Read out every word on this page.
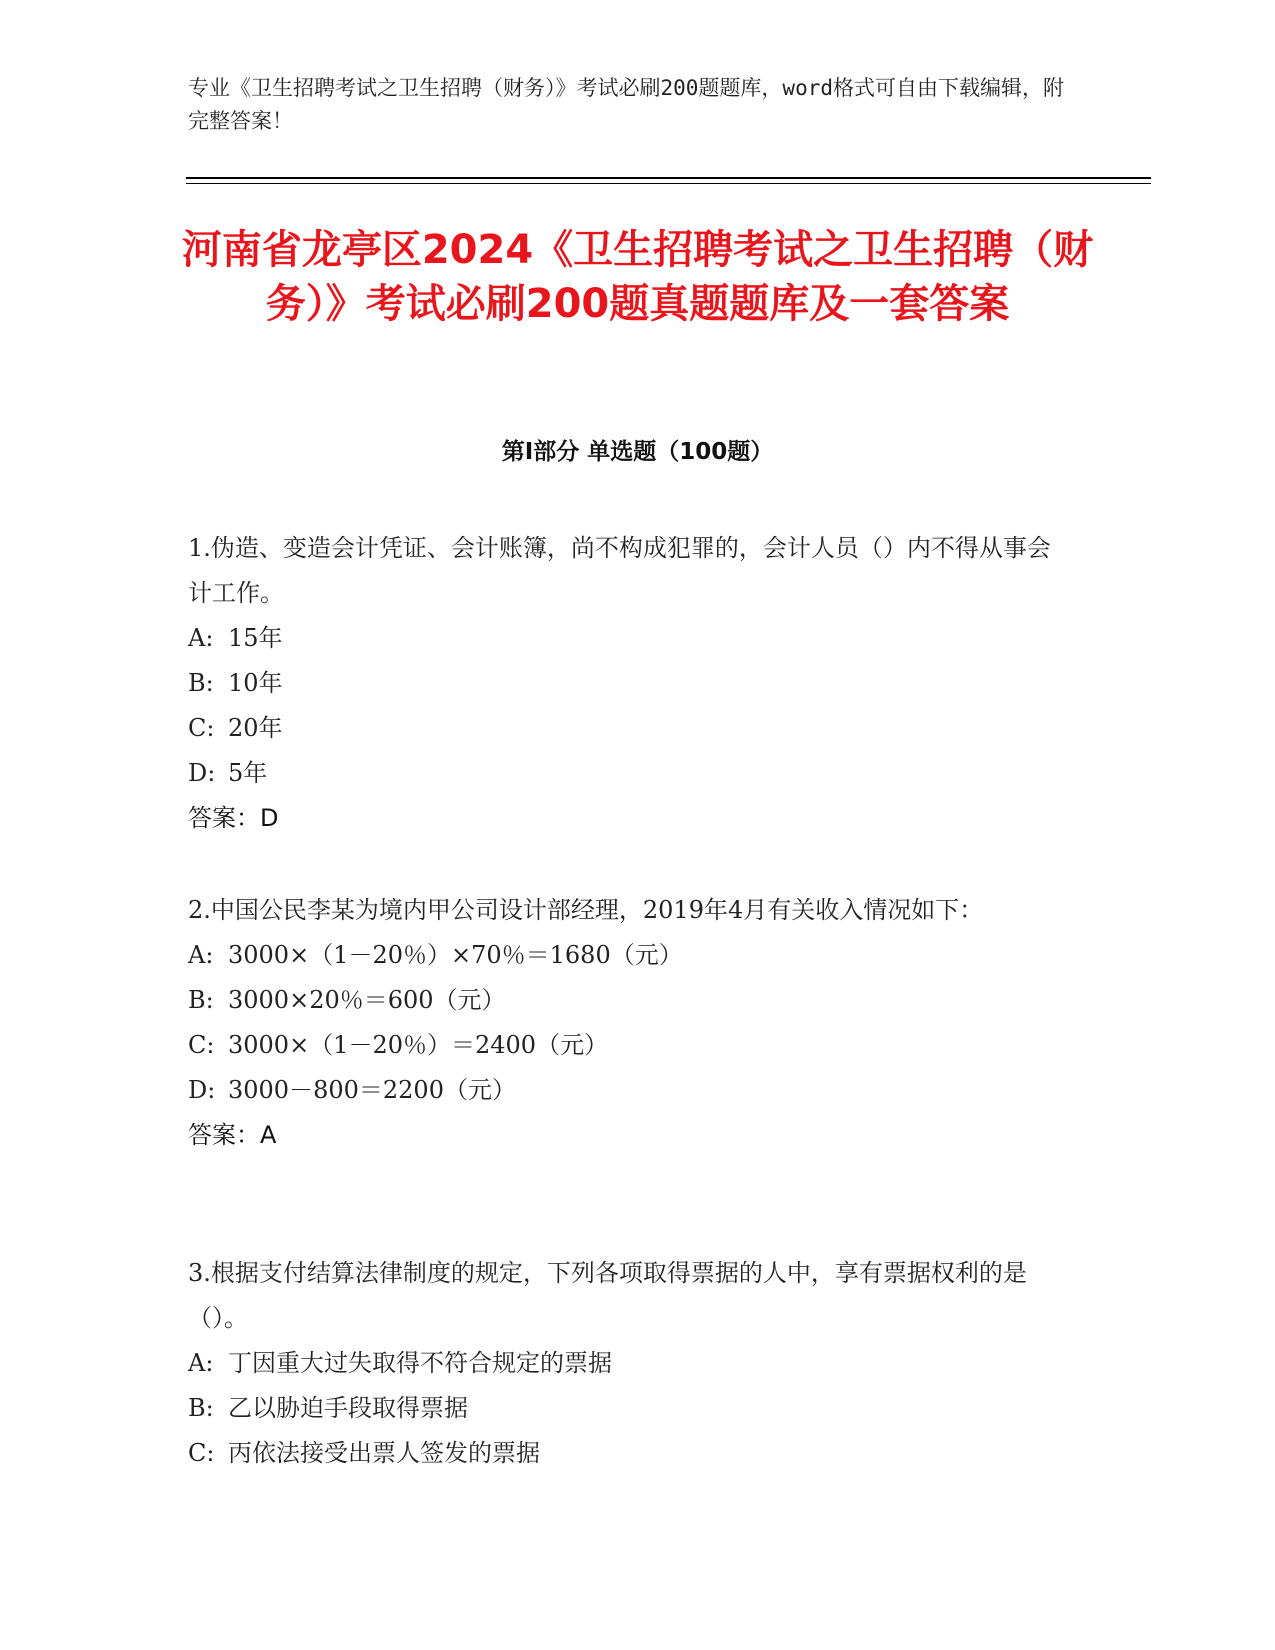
专业《卫生招聘考试之卫生招聘（财务）》考试必刷200题题库，word格式可自由下载编辑，附完整答案！
河南省龙亭区2024《卫生招聘考试之卫生招聘（财务）》考试必刷200题真题题库及一套答案
第Ⅰ部分 单选题（100题）

1.伪造、变造会计凭证、会计账簿，尚不构成犯罪的，会计人员（）内不得从事会计工作。

A: 15年
B: 10年
C: 20年
D: 5年

答案：D

2.中国公民李某为境内甲公司设计部经理，2019年4月有关收入情况如下：

A: 3000×（1－20％）×70％＝1680（元）
B: 3000×20％＝600（元）
C: 3000×（1－20％）＝2400（元）
D: 3000－800＝2200（元）

答案：A

3.根据支付结算法律制度的规定，下列各项取得票据的人中，享有票据权利的是（）。

A: 丁因重大过失取得不符合规定的票据
B: 乙以胁迫手段取得票据
C: 丙依法接受出票人签发的票据
